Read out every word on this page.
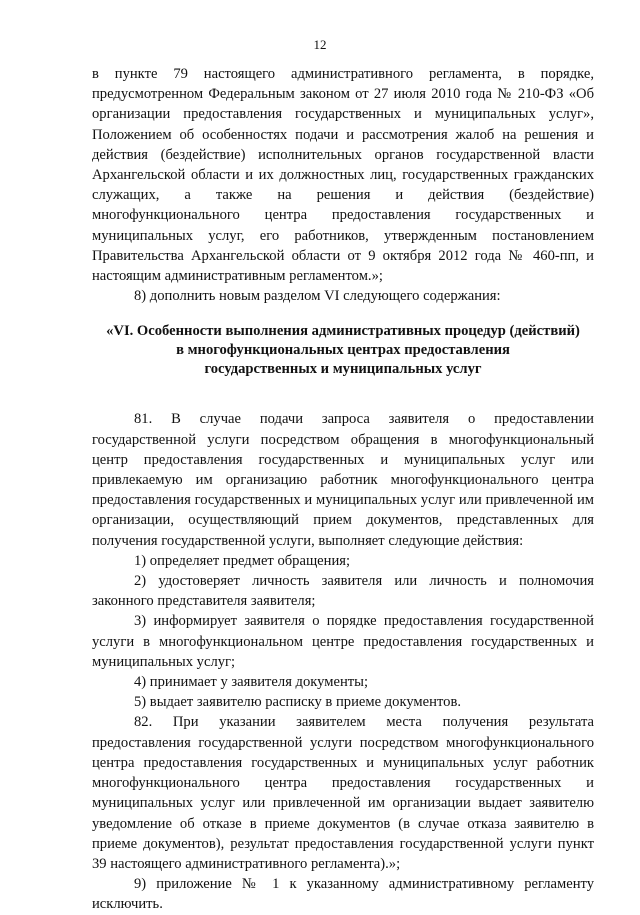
12

в пункте 79 настоящего административного регламента, в порядке, предусмотренном Федеральным законом от 27 июля 2010 года № 210-ФЗ «Об организации предоставления государственных и муниципальных услуг», Положением об особенностях подачи и рассмотрения жалоб на решения и действия (бездействие) исполнительных органов государственной власти Архангельской области и их должностных лиц, государственных гражданских служащих, а также на решения и действия (бездействие) многофункционального центра предоставления государственных и муниципальных услуг, его работников, утвержденным постановлением Правительства Архангельской области от 9 октября 2012 года № 460-пп, и настоящим административным регламентом.»;

8) дополнить новым разделом VI следующего содержания:

«VI. Особенности выполнения административных процедур (действий)
в многофункциональных центрах предоставления
государственных и муниципальных услуг

81. В случае подачи запроса заявителя о предоставлении государственной услуги посредством обращения в многофункциональный центр предоставления государственных и муниципальных услуг или привлекаемую им организацию работник многофункционального центра предоставления государственных и муниципальных услуг или привлеченной им организации, осуществляющий прием документов, представленных для получения государственной услуги, выполняет следующие действия:

1) определяет предмет обращения;

2) удостоверяет личность заявителя или личность и полномочия законного представителя заявителя;

3) информирует заявителя о порядке предоставления государственной услуги в многофункциональном центре предоставления государственных и муниципальных услуг;

4) принимает у заявителя документы;

5) выдает заявителю расписку в приеме документов.

82. При указании заявителем места получения результата предоставления государственной услуги посредством многофункционального центра предоставления государственных и муниципальных услуг работник многофункционального центра предоставления государственных и муниципальных услуг или привлеченной им организации выдает заявителю уведомление об отказе в приеме документов (в случае отказа заявителю в приеме документов), результат предоставления государственной услуги пункт 39 настоящего административного регламента).»;

9) приложение № 1 к указанному административному регламенту исключить.
